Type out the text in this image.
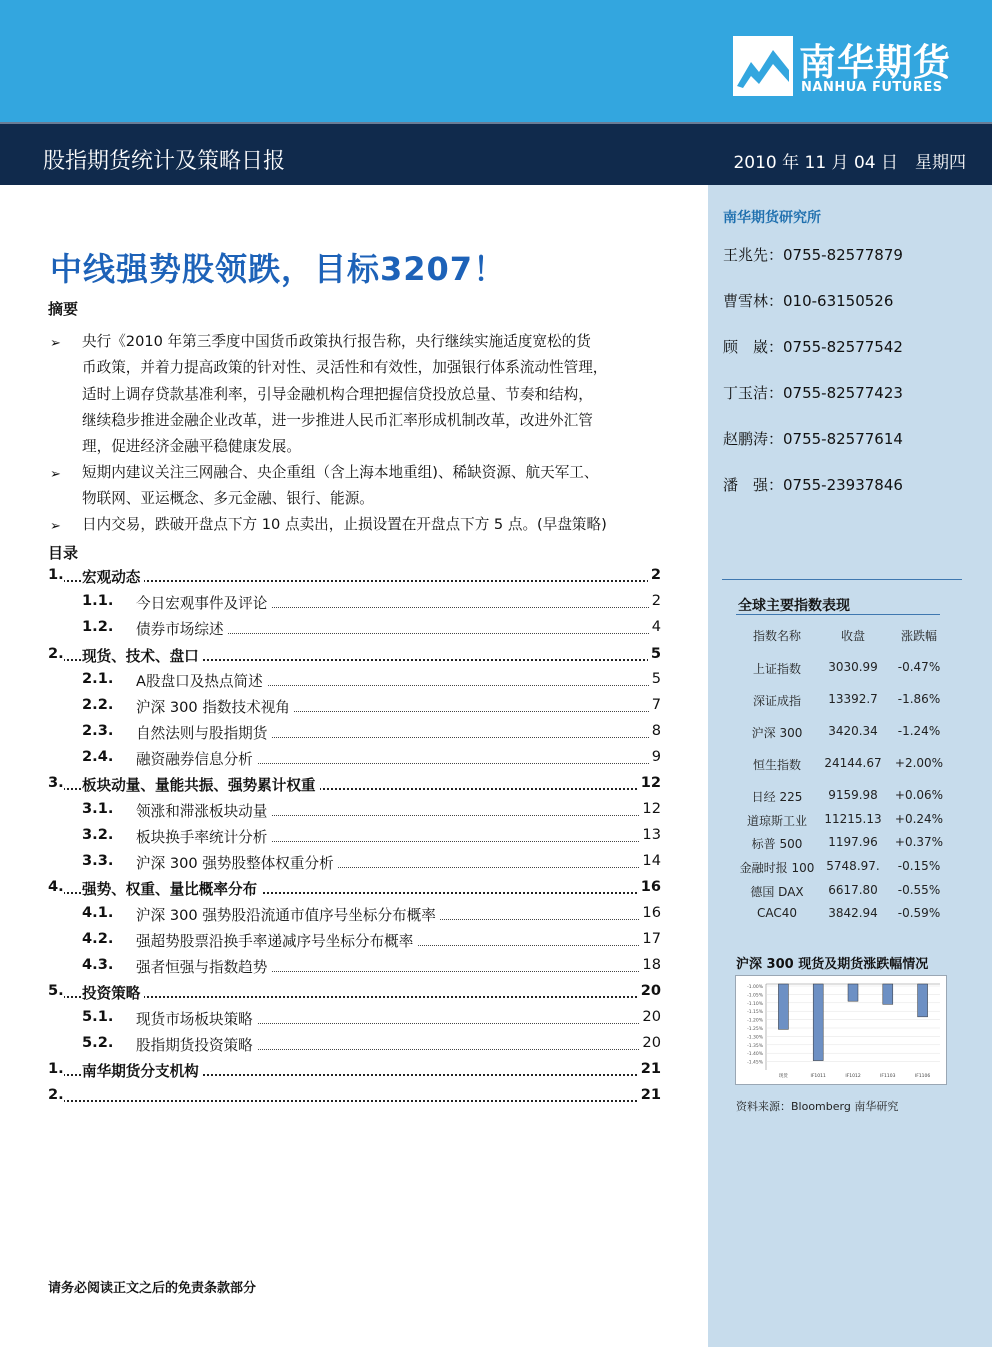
南华期货
NANHUA FUTURES
股指期货统计及策略日报	2010 年 11 月 04 日　星期四
南华期货研究所
王兆先：0755-82577879
曹雪林：010-63150526
顾　崴：0755-82577542
丁玉洁：0755-82577423
赵鹏涛：0755-82577614
潘　强：0755-23937846
全球主要指数表现
指数名称	收盘	涨跌幅
上证指数	3030.99	-0.47%
深证成指	13392.7	-1.86%
沪深 300	3420.34	-1.24%
恒生指数	24144.67	+2.00%
日经 225	9159.98	+0.06%
道琼斯工业	11215.13	+0.24%
标普 500	1197.96	+0.37%
金融时报 100 5748.97.	-0.15%
德国 DAX	6617.80	-0.55%
CAC40	3842.94	-0.59%
沪深 300 现货及期货涨跌幅情况
-1.00%
-1.05%
-1.10%
-1.15%
-1.20%
-1.25%
-1.30%
-1.35%
-1.40%
-1.45%
现货	IF1011	IF1012	IF1103	IF1106
资料来源：Bloomberg 南华研究
中线强势股领跌，目标3207！
摘要
➢ 央行《2010 年第三季度中国货币政策执行报告称，央行继续实施适度宽松的货
币政策，并着力提高政策的针对性、灵活性和有效性，加强银行体系流动性管理，
适时上调存贷款基准利率，引导金融机构合理把握信贷投放总量、节奏和结构，
继续稳步推进金融企业改革，进一步推进人民币汇率形成机制改革，改进外汇管
理，促进经济金融平稳健康发展。
➢ 短期内建议关注三网融合、央企重组（含上海本地重组)、稀缺资源、航天军工、
物联网、亚运概念、多元金融、银行、能源。
➢ 日内交易，跌破开盘点下方 10 点卖出，止损设置在开盘点下方 5 点。(早盘策略)
目录
1. 宏观动态	2
1.1. 今日宏观事件及评论	2
1.2. 债券市场综述	4
2. 现货、技术、盘口	5
2.1. A股盘口及热点简述	5
2.2. 沪深 300 指数技术视角	7
2.3. 自然法则与股指期货	8
2.4. 融资融券信息分析	9
3. 板块动量、量能共振、强势累计权重	12
3.1. 领涨和滞涨板块动量	12
3.2. 板块换手率统计分析	13
3.3. 沪深 300 强势股整体权重分析	14
4. 强势、权重、量比概率分布	16
4.1. 沪深 300 强势股沿流通市值序号坐标分布概率	16
4.2. 强超势股票沿换手率递减序号坐标分布概率	17
4.3. 强者恒强与指数趋势	18
5. 投资策略	20
5.1. 现货市场板块策略	20
5.2. 股指期货投资策略	20
1. 南华期货分支机构	21
2.	21
请务必阅读正文之后的免责条款部分
